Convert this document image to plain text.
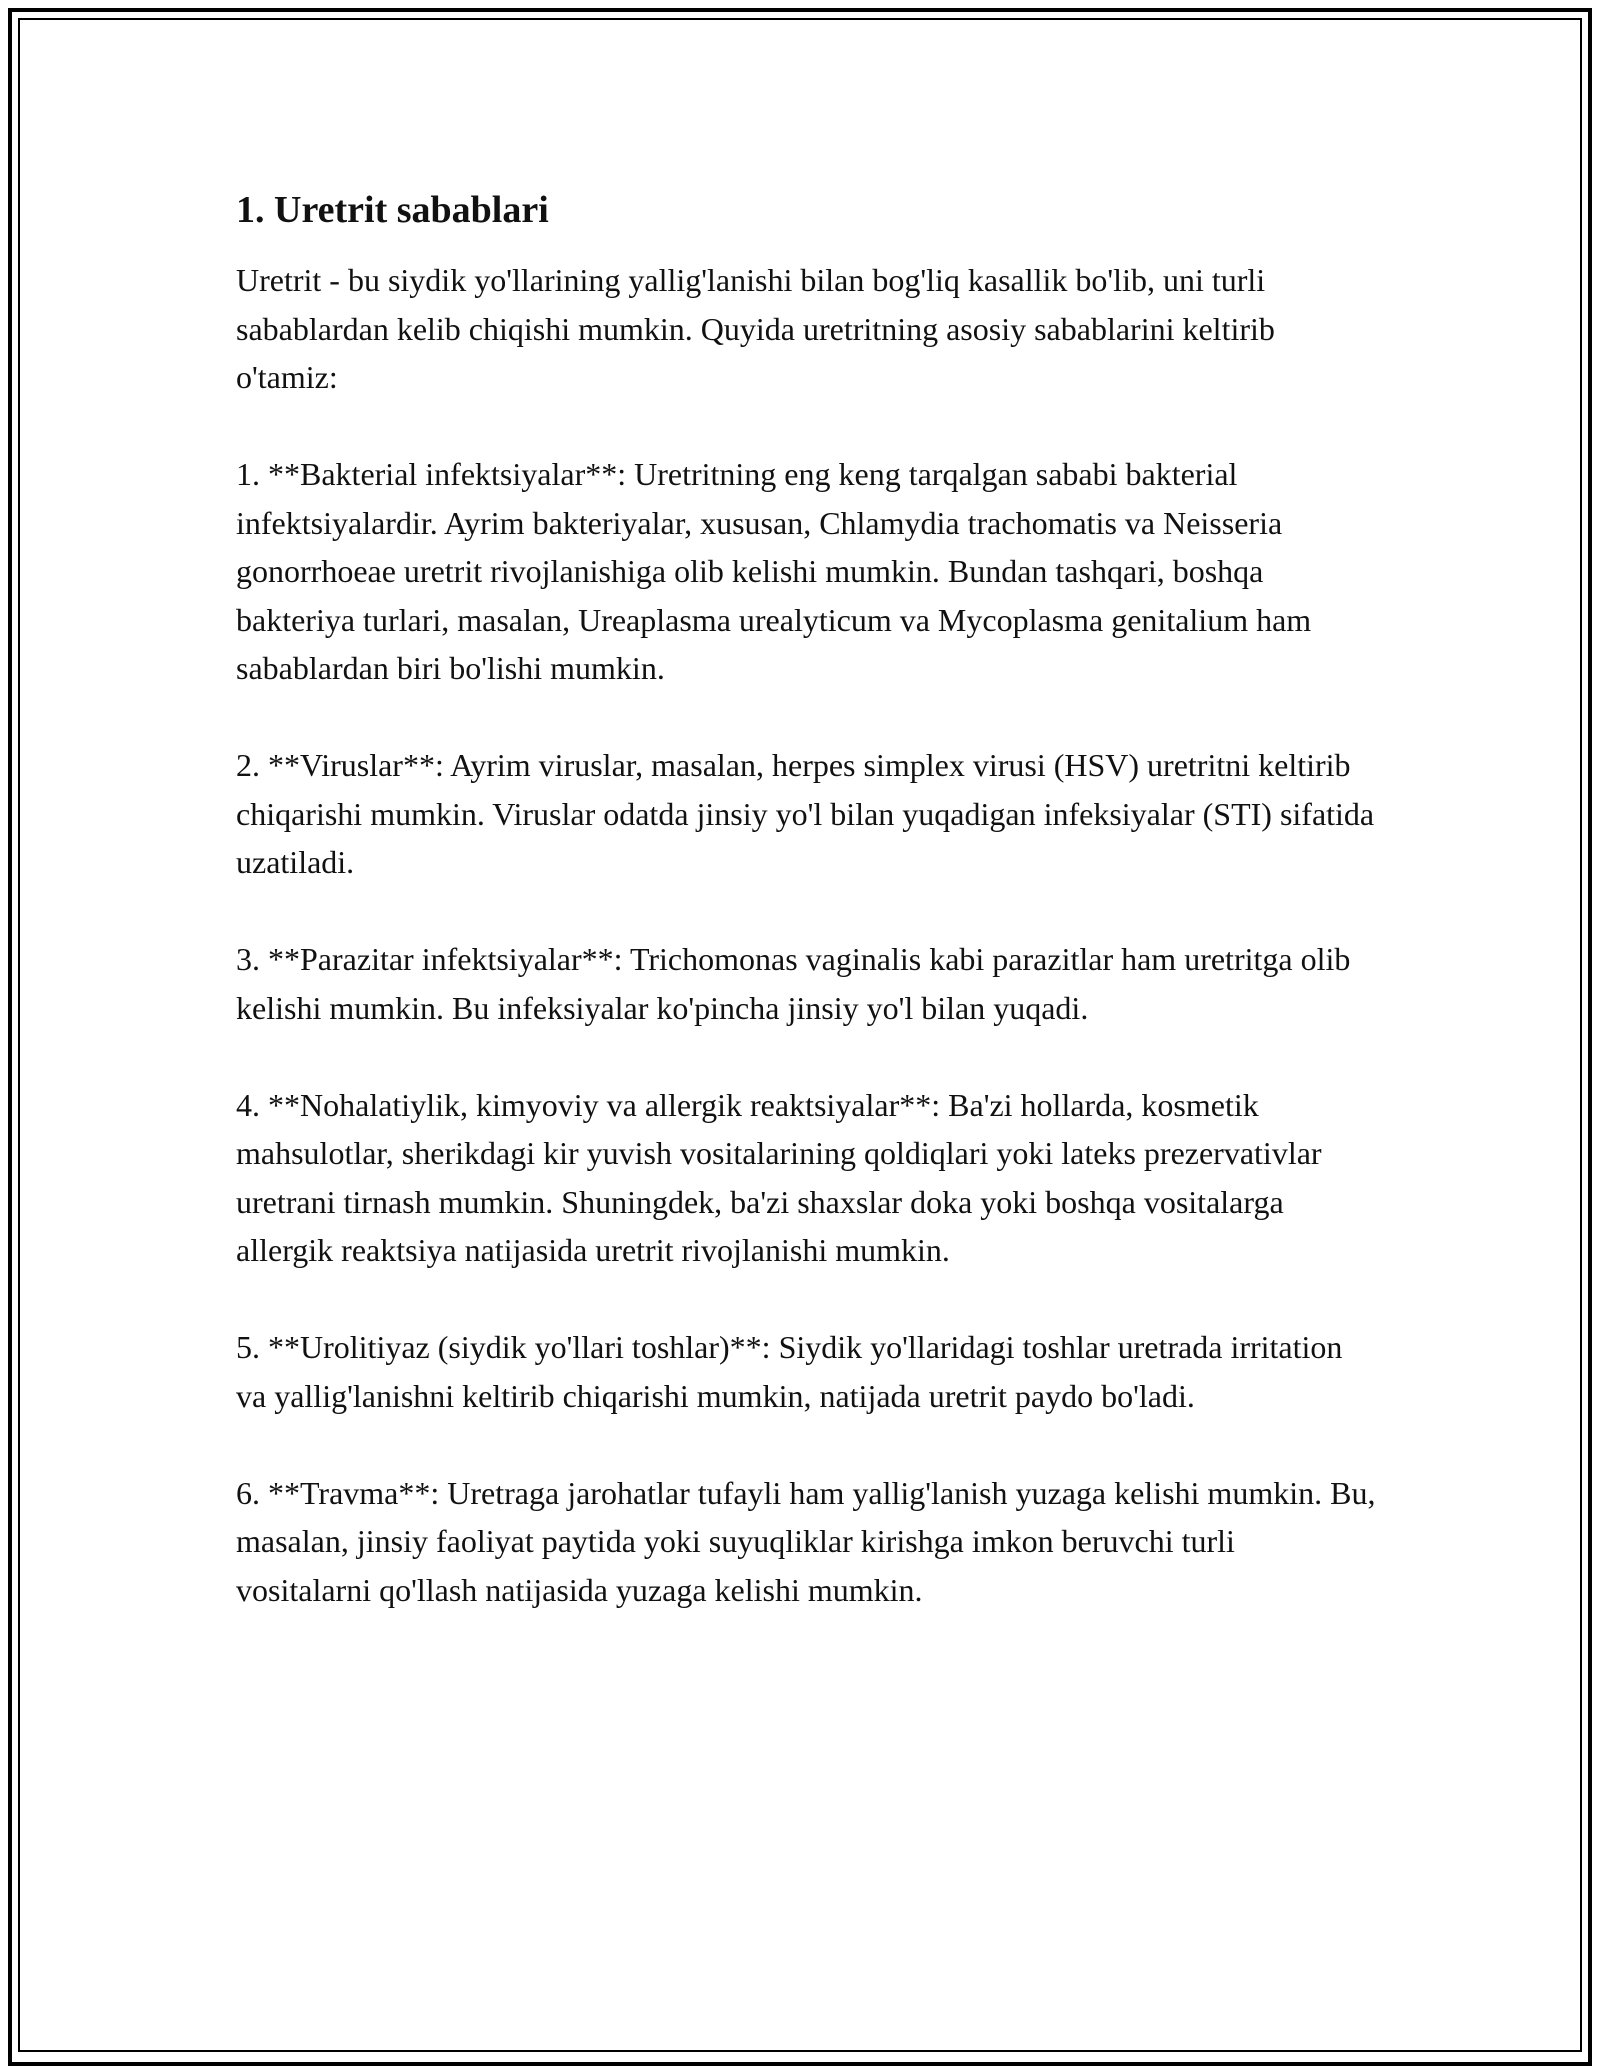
1. Uretrit sabablari

Uretrit - bu siydik yo'llarining yallig'lanishi bilan bog'liq kasallik bo'lib, uni turli sabablardan kelib chiqishi mumkin. Quyida uretritning asosiy sabablarini keltirib o'tamiz:

1. **Bakterial infektsiyalar**: Uretritning eng keng tarqalgan sababi bakterial infektsiyalardir. Ayrim bakteriyalar, xususan, Chlamydia trachomatis va Neisseria gonorrhoeae uretrit rivojlanishiga olib kelishi mumkin. Bundan tashqari, boshqa bakteriya turlari, masalan, Ureaplasma urealyticum va Mycoplasma genitalium ham sabablardan biri bo'lishi mumkin.

2. **Viruslar**: Ayrim viruslar, masalan, herpes simplex virusi (HSV) uretritni keltirib chiqarishi mumkin. Viruslar odatda jinsiy yo'l bilan yuqadigan infeksiyalar (STI) sifatida uzatiladi.

3. **Parazitar infektsiyalar**: Trichomonas vaginalis kabi parazitlar ham uretritga olib kelishi mumkin. Bu infeksiyalar ko'pincha jinsiy yo'l bilan yuqadi.

4. **Nohalatiylik, kimyoviy va allergik reaktsiyalar**: Ba'zi hollarda, kosmetik mahsulotlar, sherikdagi kir yuvish vositalarining qoldiqlari yoki lateks prezervativlar uretrani tirnash mumkin. Shuningdek, ba'zi shaxslar doka yoki boshqa vositalarga allergik reaktsiya natijasida uretrit rivojlanishi mumkin.

5. **Urolitiyaz (siydik yo'llari toshlar)**: Siydik yo'llaridagi toshlar uretrada irritation va yallig'lanishni keltirib chiqarishi mumkin, natijada uretrit paydo bo'ladi.

6. **Travma**: Uretraga jarohatlar tufayli ham yallig'lanish yuzaga kelishi mumkin. Bu, masalan, jinsiy faoliyat paytida yoki suyuqliklar kirishga imkon beruvchi turli vositalarni qo'llash natijasida yuzaga kelishi mumkin.
